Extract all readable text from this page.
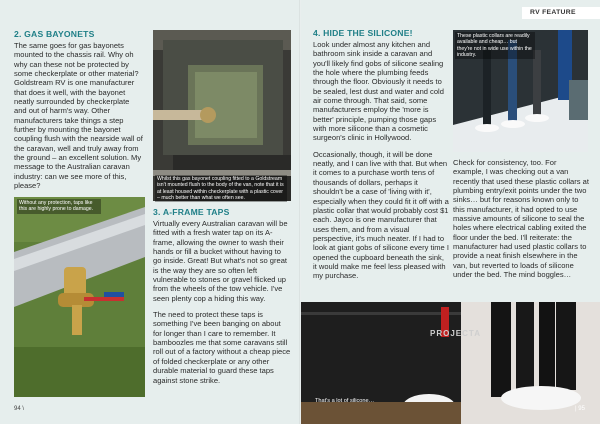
2. GAS BAYONETS
The same goes for gas bayonets mounted to the chassis rail. Why oh why can these not be protected by some checkerplate or other material? Goldstream RV is one manufacturer that does it well, with the bayonet neatly surrounded by checkerplate and out of harm's way. Other manufacturers take things a step further by mounting the bayonet coupling flush with the nearside wall of the caravan, well and truly away from the ground – an excellent solution. My message to the Australian caravan industry: can we see more of this, please?
Whilst this gas bayonet coupling fitted to a Goldstream isn't mounted flush to the body of the van, note that it is at least housed within checkerplate with a plastic cover – much better than what we often see.
Without any protection, taps like this are highly prone to damage.	3. A-FRAME TAPS

Virtually every Australian caravan will be fitted with a fresh water tap on its A-frame, allowing the owner to wash their hands or fill a bucket without having to go inside. Great! But what's not so great is the way they are so often left vulnerable to stones or gravel flicked up from the wheels of the tow vehicle. I've seen plenty cop a hiding this way.

The need to protect these taps is something I've been banging on about for longer than I care to remember. It bamboozles me that some caravans still roll out of a factory without a cheap piece of folded checkerplate or any other durable material to guard these taps against stone strike.

94 \
RV FEATURE
4. HIDE THE SILICONE!

Look under almost any kitchen and bathroom sink inside a caravan and you'll likely find gobs of silicone sealing the hole where the plumbing feeds through the floor. Obviously it needs to be sealed, lest dust and water and cold air come through. That said, some manufacturers employ the 'more is better' principle, pumping those gaps with more silicone than a cosmetic surgeon's clinic in Hollywood.

Occasionally, though, it will be done neatly, and I can live with that. But when it comes to a purchase worth tens of thousands of dollars, perhaps it shouldn't be a case of 'living with it', especially when they could fit it off with a plastic collar that would probably cost $1 each. Jayco is one manufacturer that uses them, and from a visual perspective, it's much neater. If I had to look at giant gobs of silicone every time I opened the cupboard beneath the sink, it would make me feel less pleased with my purchase.

These plastic collars are readily available and cheap… but they're not in wide use within the industry.

Check for consistency, too. For example, I was checking out a van recently that used these plastic collars at plumbing entry/exit points under the two sinks… but for reasons known only to this manufacturer, it had opted to use massive amounts of silicone to seal the holes where electrical cabling exited the floor under the bed. I'll reiterate: the manufacturer had used plastic collars to provide a neat finish elsewhere in the van, but reverted to loads of silicone under the bed. The mind boggles…

PROJECTA
That's a lot of silicone…
| 95
